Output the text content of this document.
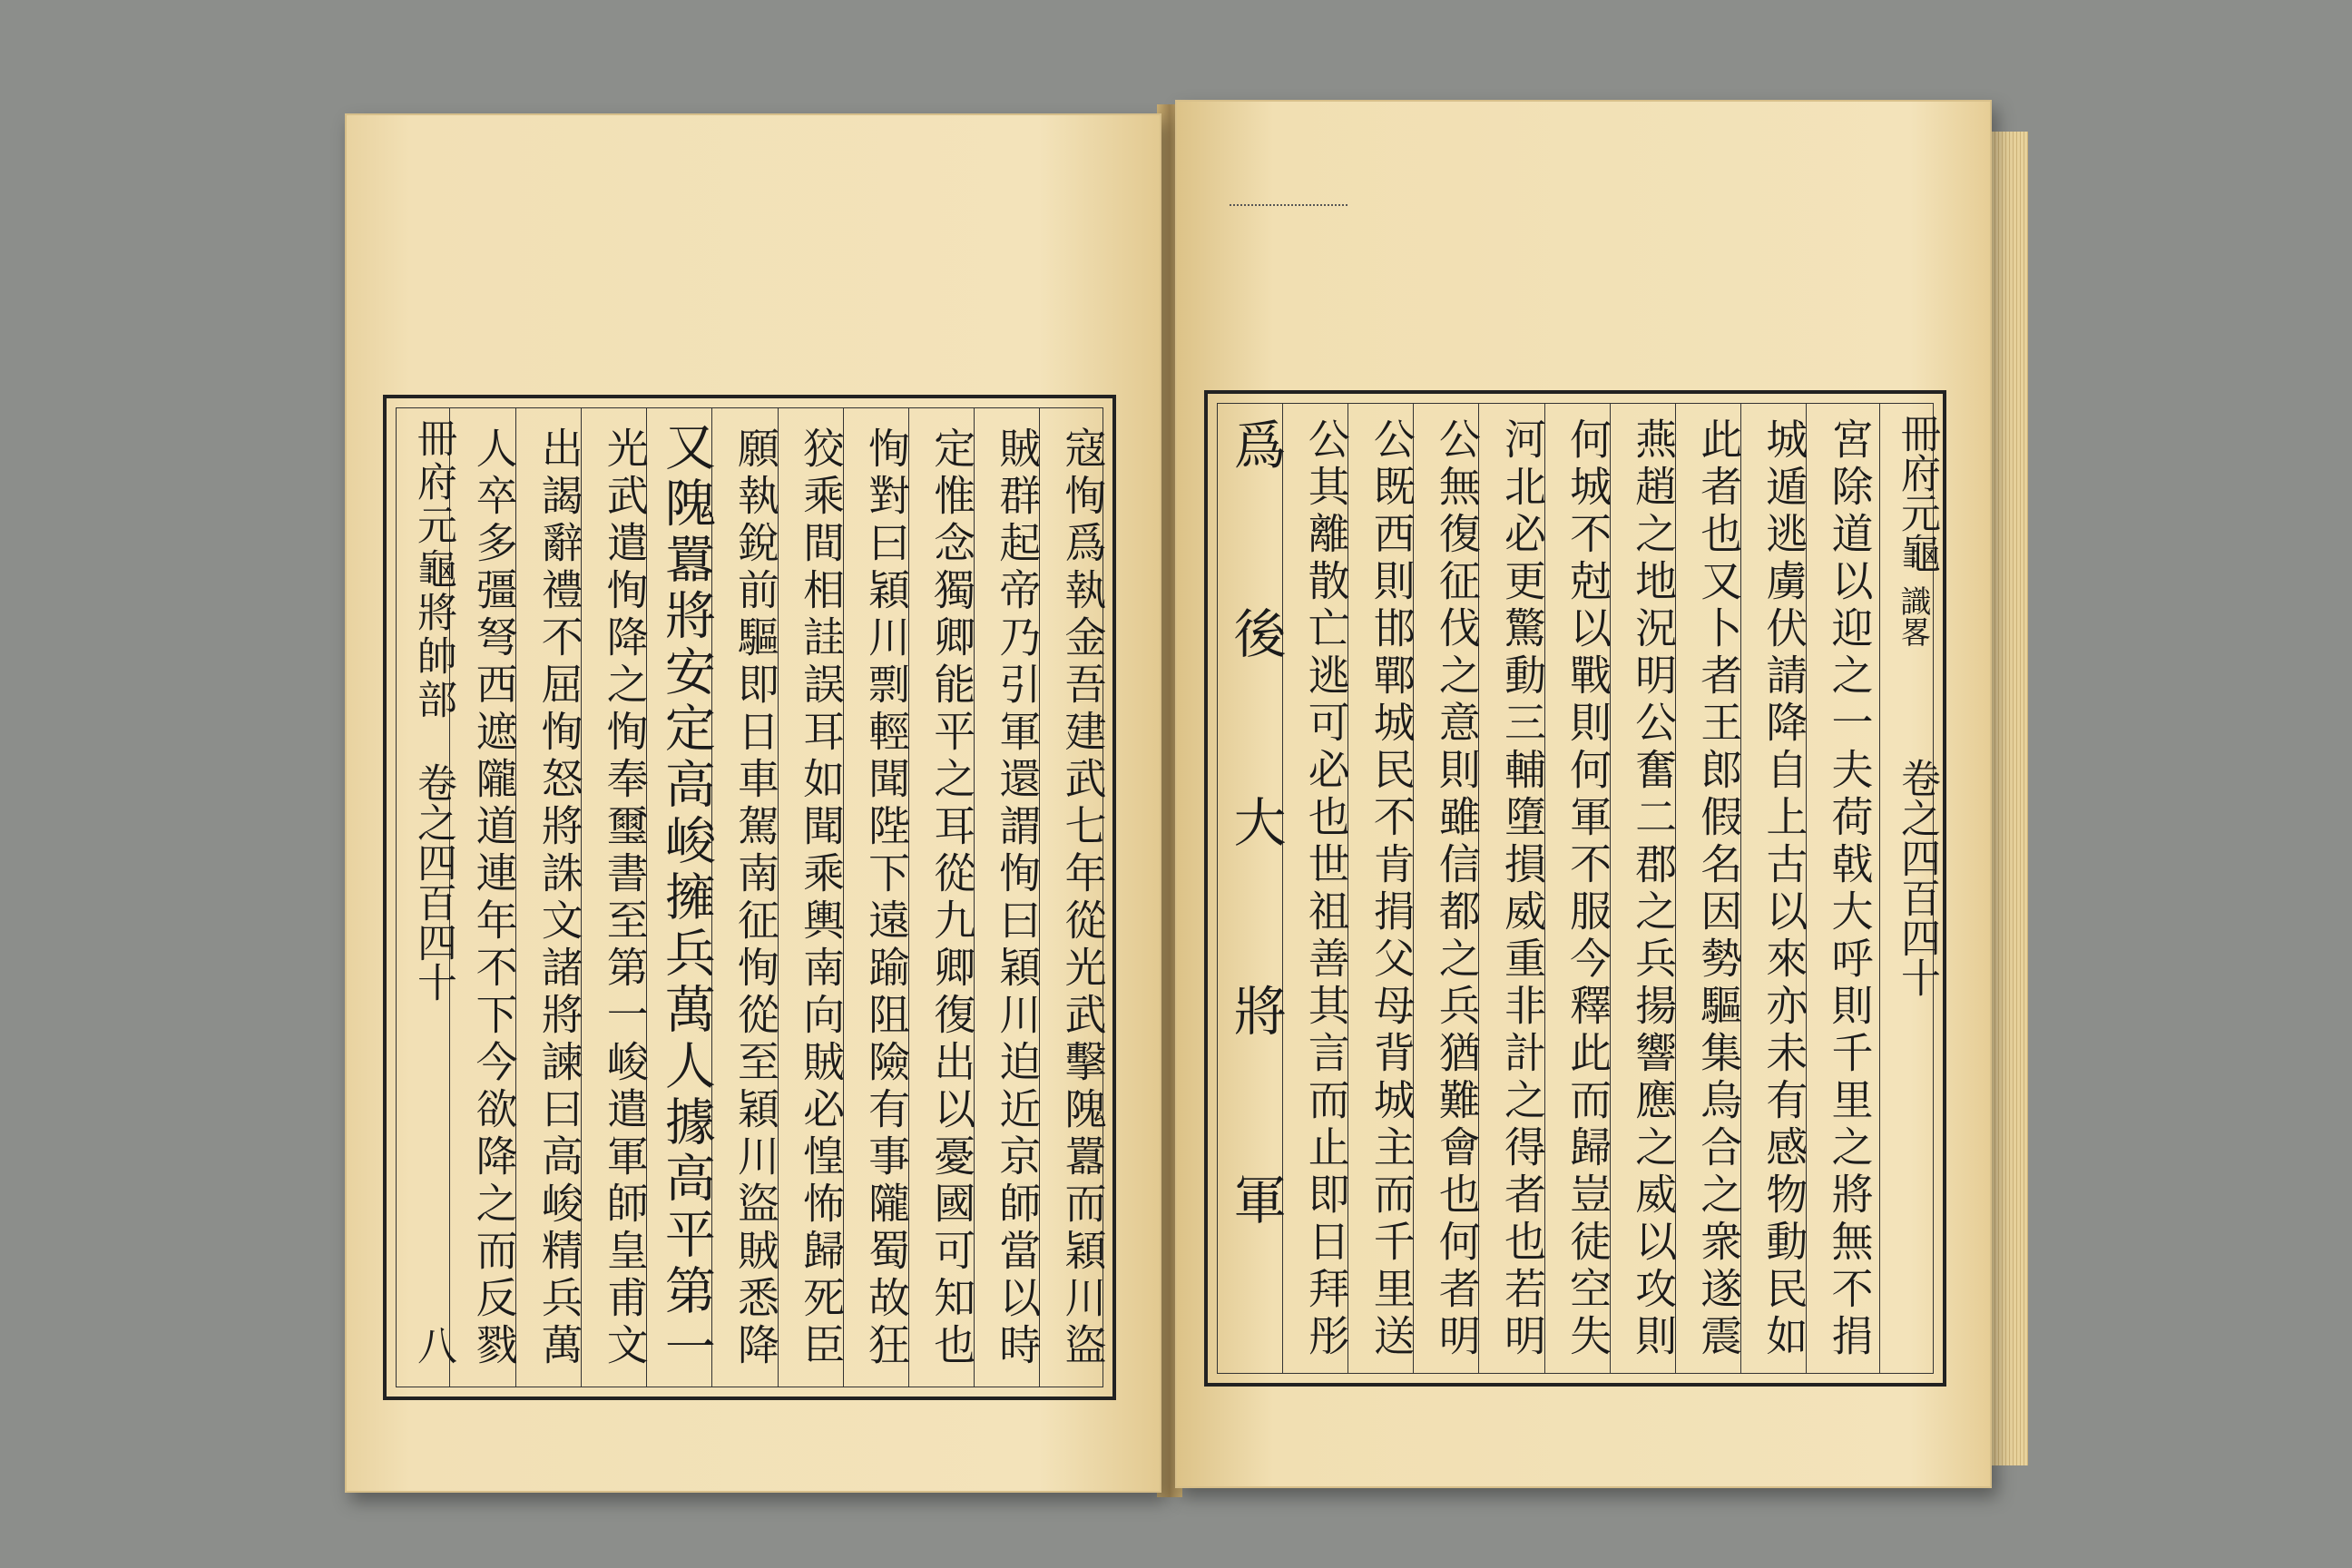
寇恂爲執金吾建武七年從光武擊隗囂而穎川盜
賊群起帝乃引軍還謂恂曰穎川迫近京師當以時
定惟念獨卿能平之耳從九卿復出以憂國可知也
恂對曰穎川剽輕聞陛下遠踰阻險有事隴蜀故狂
狡乘間相詿誤耳如聞乘輿南向賊必惶怖歸死臣
願執銳前驅即日車駕南征恂從至穎川盜賊悉降
又隗囂將安定高峻擁兵萬人據高平第一
光武遣恂降之恂奉璽書至第一峻遣軍師皇甫文
出謁辭禮不屈恂怒將誅文諸將諫曰高峻精兵萬
人卒多彊弩西遮隴道連年不下今欲降之而反戮
冊府元龜將帥部
卷之四百四十
八	宮除道以迎之一夫荷戟大呼則千里之將無不捐
城遁逃虜伏請降自上古以來亦未有感物動民如
此者也又卜者王郎假名因勢驅集烏合之衆遂震
燕趙之地況明公奮二郡之兵揚響應之威以攻則
何城不尅以戰則何軍不服今釋此而歸豈徒空失
河北必更驚動三輔墮損威重非計之得者也若明
公無復征伐之意則雖信都之兵猶難會也何者明
公既西則邯鄲城民不肯捐父母背城主而千里送
公其離散亡逃可必也世祖善其言而止即日拜彤
爲後大將軍	冊府元龜
識畧
卷之四百四十
